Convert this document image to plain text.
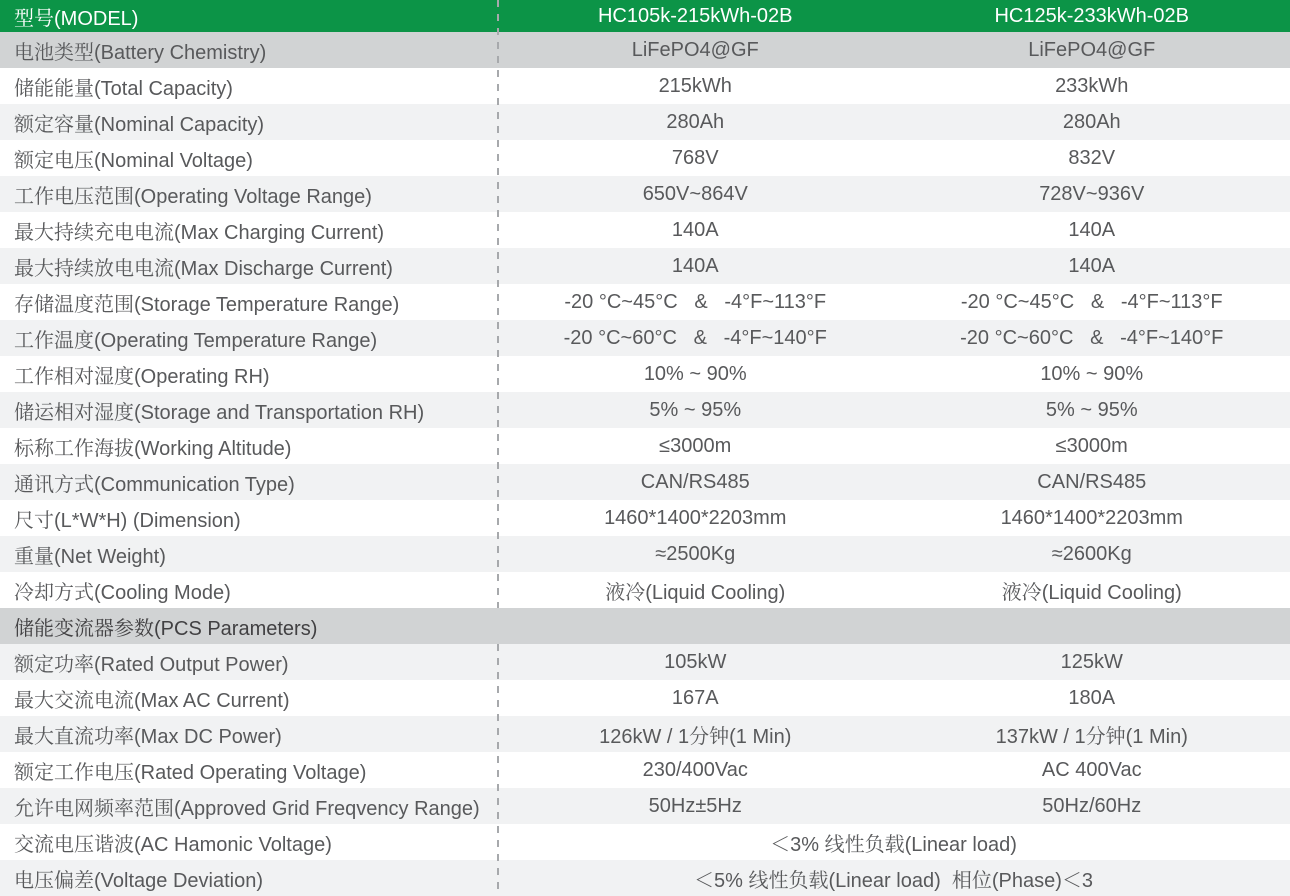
型号(MODEL)	HC105k-215kWh-02B	HC125k-233kWh-02B
电池类型(Battery Chemistry)	LiFePO4@GF	LiFePO4@GF
储能能量(Total Capacity)	215kWh	233kWh
额定容量(Nominal Capacity)	280Ah	280Ah
额定电压(Nominal Voltage)	768V	832V
工作电压范围(Operating Voltage Range)	650V~864V	728V~936V
最大持续充电电流(Max Charging Current)	140A	140A
最大持续放电电流(Max Discharge Current)	140A	140A
存储温度范围(Storage Temperature Range)	-20 °C~45°C   &   -4°F~113°F	-20 °C~45°C   &   -4°F~113°F
工作温度(Operating Temperature Range)	-20 °C~60°C   &   -4°F~140°F	-20 °C~60°C   &   -4°F~140°F
工作相对湿度(Operating RH)	10% ~ 90%	10% ~ 90%
储运相对湿度(Storage and Transportation RH)	5% ~ 95%	5% ~ 95%
标称工作海拔(Working Altitude)	≤3000m	≤3000m
通讯方式(Communication Type)	CAN/RS485	CAN/RS485
尺寸(L*W*H) (Dimension)	1460*1400*2203mm	1460*1400*2203mm
重量(Net Weight)	≈2500Kg	≈2600Kg
冷却方式(Cooling Mode)	液冷(Liquid Cooling)	液冷(Liquid Cooling)
储能变流器参数(PCS Parameters)
额定功率(Rated Output Power)	105kW	125kW
最大交流电流(Max AC Current)	167A	180A
最大直流功率(Max DC Power)	126kW / 1分钟(1 Min)	137kW / 1分钟(1 Min)
额定工作电压(Rated Operating Voltage)	230/400Vac	AC 400Vac
允许电网频率范围(Approved Grid Freqvency Range)	50Hz±5Hz	50Hz/60Hz
交流电压谐波(AC Hamonic Voltage)	＜3% 线性负载(Linear load)
电压偏差(Voltage Deviation)	＜5% 线性负载(Linear load)  相位(Phase)＜3
